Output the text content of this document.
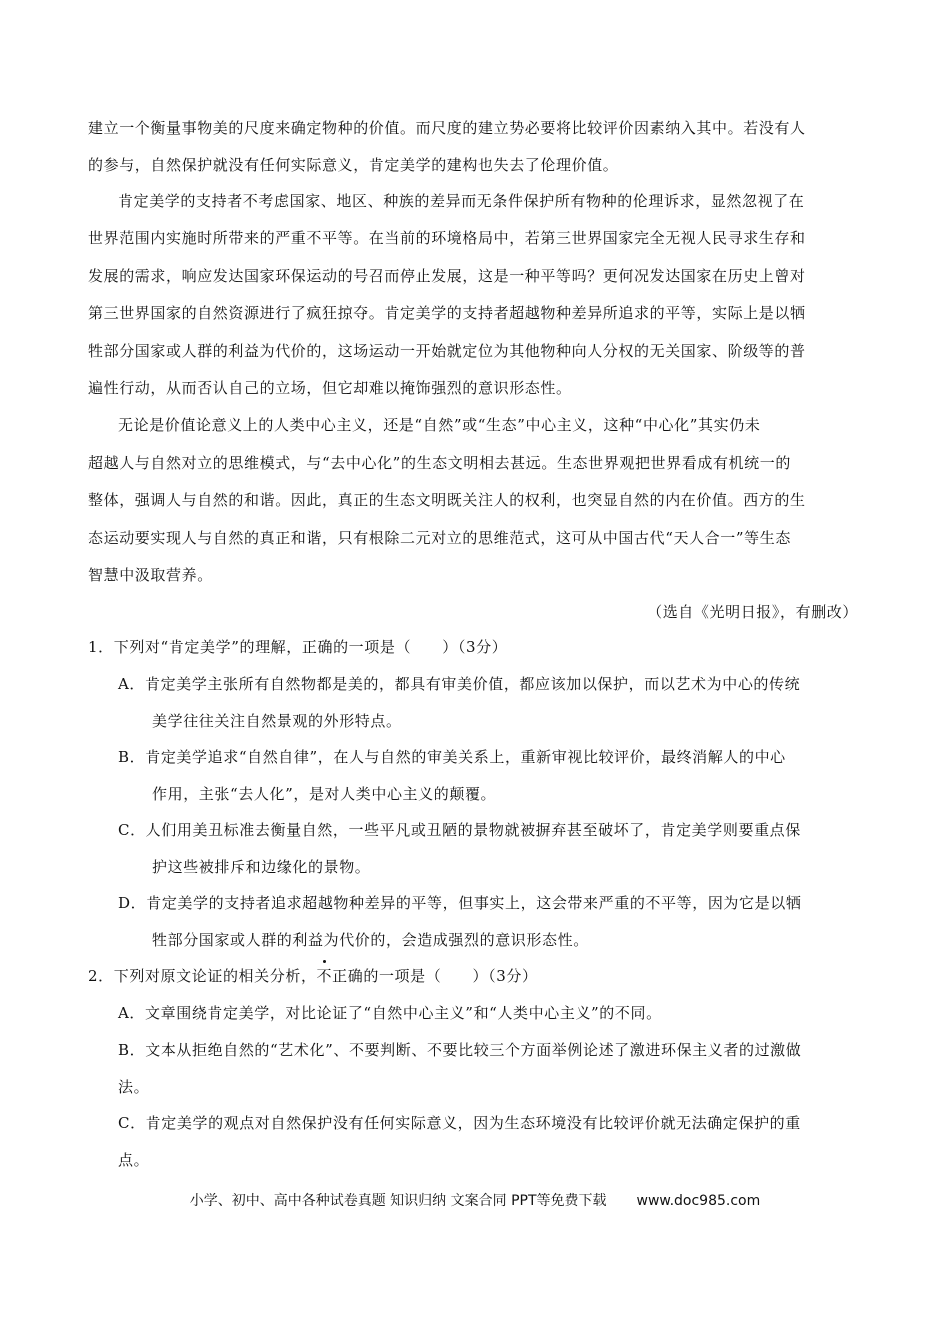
建立一个衡量事物美的尺度来确定物种的价值。而尺度的建立势必要将比较评价因素纳入其中。若没有人
的参与，自然保护就没有任何实际意义，肯定美学的建构也失去了伦理价值。
肯定美学的支持者不考虑国家、地区、种族的差异而无条件保护所有物种的伦理诉求，显然忽视了在
世界范围内实施时所带来的严重不平等。在当前的环境格局中，若第三世界国家完全无视人民寻求生存和
发展的需求，响应发达国家环保运动的号召而停止发展，这是一种平等吗？更何况发达国家在历史上曾对
第三世界国家的自然资源进行了疯狂掠夺。肯定美学的支持者超越物种差异所追求的平等，实际上是以牺
牲部分国家或人群的利益为代价的，这场运动一开始就定位为其他物种向人分权的无关国家、阶级等的普
遍性行动，从而否认自己的立场，但它却难以掩饰强烈的意识形态性。
无论是价值论意义上的人类中心主义，还是“自然”或“生态”中心主义，这种“中心化”其实仍未
超越人与自然对立的思维模式，与“去中心化”的生态文明相去甚远。生态世界观把世界看成有机统一的
整体，强调人与自然的和谐。因此，真正的生态文明既关注人的权利，也突显自然的内在价值。西方的生
态运动要实现人与自然的真正和谐，只有根除二元对立的思维范式，这可从中国古代“天人合一”等生态
智慧中汲取营养。
（选自《光明日报》，有删改）
1．下列对“肯定美学”的理解，正确的一项是（　　）（3分）
A．肯定美学主张所有自然物都是美的，都具有审美价值，都应该加以保护，而以艺术为中心的传统
美学往往关注自然景观的外形特点。
B．肯定美学追求“自然自律”，在人与自然的审美关系上，重新审视比较评价，最终消解人的中心
作用，主张“去人化”，是对人类中心主义的颠覆。
C．人们用美丑标准去衡量自然，一些平凡或丑陋的景物就被摒弃甚至破坏了，肯定美学则要重点保
护这些被排斥和边缘化的景物。
D．肯定美学的支持者追求超越物种差异的平等，但事实上，这会带来严重的不平等，因为它是以牺
牲部分国家或人群的利益为代价的，会造成强烈的意识形态性。
2．下列对原文论证的相关分析，不正确的一项是（　　）（3分）
A．文章围绕肯定美学，对比论证了“自然中心主义”和“人类中心主义”的不同。
B．文本从拒绝自然的“艺术化”、不要判断、不要比较三个方面举例论述了激进环保主义者的过激做
法。
C．肯定美学的观点对自然保护没有任何实际意义，因为生态环境没有比较评价就无法确定保护的重
点。
小学、初中、高中各种试卷真题 知识归纳 文案合同 PPT等免费下载 www.doc985.com
